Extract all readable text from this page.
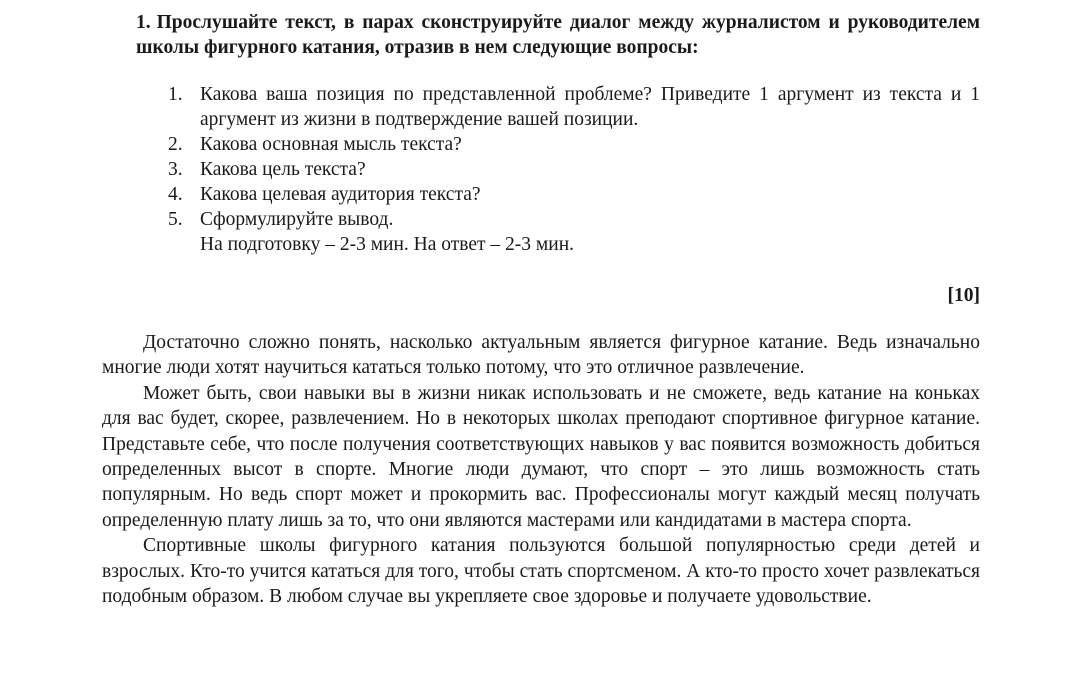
1. Прослушайте текст, в парах сконструируйте диалог между журналистом и руководителем школы фигурного катания, отразив в нем следующие вопросы:

1. Какова ваша позиция по представленной проблеме? Приведите 1 аргумент из текста и 1 аргумент из жизни в подтверждение вашей позиции.
2. Какова основная мысль текста?
3. Какова цель текста?
4. Какова целевая аудитория текста?
5. Сформулируйте вывод.
На подготовку – 2-3 мин. На ответ – 2-3 мин.
[10]

Достаточно сложно понять, насколько актуальным является фигурное катание. Ведь изначально многие люди хотят научиться кататься только потому, что это отличное развлечение.

Может быть, свои навыки вы в жизни никак использовать и не сможете, ведь катание на коньках для вас будет, скорее, развлечением. Но в некоторых школах преподают спортивное фигурное катание. Представьте себе, что после получения соответствующих навыков у вас появится возможность добиться определенных высот в спорте. Многие люди думают, что спорт – это лишь возможность стать популярным. Но ведь спорт может и прокормить вас. Профессионалы могут каждый месяц получать определенную плату лишь за то, что они являются мастерами или кандидатами в мастера спорта.

Спортивные школы фигурного катания пользуются большой популярностью среди детей и взрослых. Кто-то учится кататься для того, чтобы стать спортсменом. А кто-то просто хочет развлекаться подобным образом. В любом случае вы укрепляете свое здоровье и получаете удовольствие.
